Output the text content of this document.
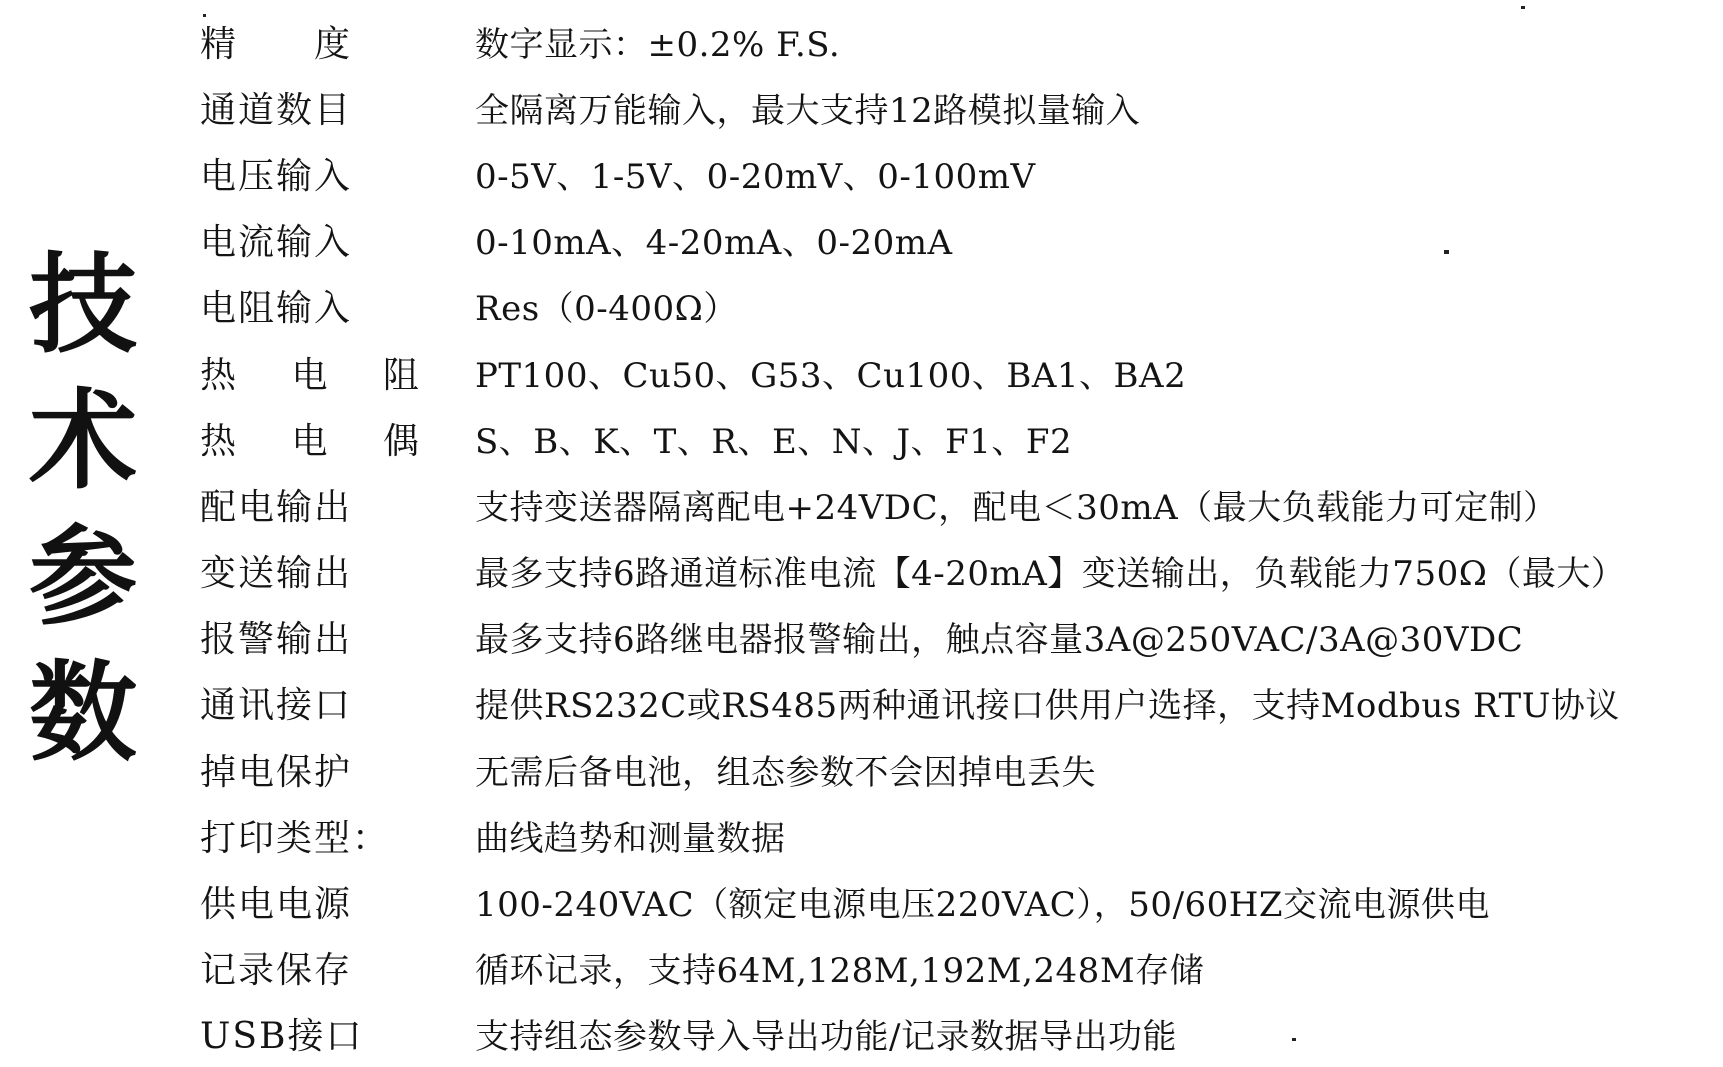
技
术
参
数
精　　度	数字显示：±0.2% F.S.
通道数目	全隔离万能输入，最大支持12路模拟量输入
电压输入	0-5V、1-5V、0-20mV、0-100mV
电流输入	0-10mA、4-20mA、0-20mA
电阻输入	Res（0-400Ω）
热 电 阻	PT100、Cu50、G53、Cu100、BA1、BA2
热 电 偶	S、B、K、T、R、E、N、J、F1、F2
配电输出	支持变送器隔离配电+24VDC，配电＜30mA（最大负载能力可定制）
变送输出	最多支持6路通道标准电流【4-20mA】变送输出，负载能力750Ω（最大）
报警输出	最多支持6路继电器报警输出，触点容量3A@250VAC/3A@30VDC
通讯接口	提供RS232C或RS485两种通讯接口供用户选择，支持Modbus RTU协议
掉电保护	无需后备电池，组态参数不会因掉电丢失
打印类型：	曲线趋势和测量数据
供电电源	100-240VAC（额定电源电压220VAC），50/60HZ交流电源供电
记录保存	循环记录，支持64M,128M,192M,248M存储
USB接口	支持组态参数导入导出功能/记录数据导出功能
